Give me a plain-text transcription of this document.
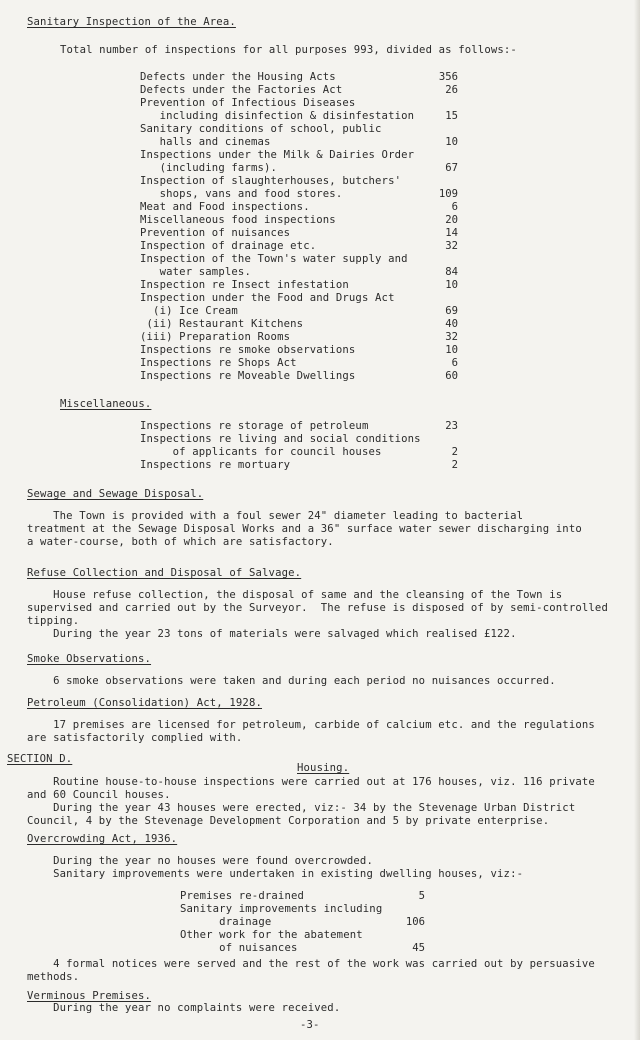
Sanitary Inspection of the Area.
Total number of inspections for all purposes 993, divided as follows:-
Defects under the Housing Acts	356
Defects under the Factories Act	26
Prevention of Infectious Diseases
including disinfection & disinfestation	15
Sanitary conditions of school, public
halls and cinemas	10
Inspections under the Milk & Dairies Order
(including farms).	67
Inspection of slaughterhouses, butchers'
shops, vans and food stores.	109
Meat and Food inspections.	6
Miscellaneous food inspections	20
Prevention of nuisances	14
Inspection of drainage etc.	32
Inspection of the Town's water supply and
water samples.	84
Inspection re Insect infestation	10
Inspection under the Food and Drugs Act
(i) Ice Cream	69
(ii) Restaurant Kitchens	40
(iii) Preparation Rooms	32
Inspections re smoke observations	10
Inspections re Shops Act	6
Inspections re Moveable Dwellings	60
Miscellaneous.
Inspections re storage of petroleum	23
Inspections re living and social conditions
of applicants for council houses	2
Inspections re mortuary	2
Sewage and Sewage Disposal.
The Town is provided with a foul sewer 24" diameter leading to bacterial
treatment at the Sewage Disposal Works and a 36" surface water sewer discharging into
a water-course, both of which are satisfactory.
Refuse Collection and Disposal of Salvage.
House refuse collection, the disposal of same and the cleansing of the Town is
supervised and carried out by the Surveyor.  The refuse is disposed of by semi-controlled
tipping.
During the year 23 tons of materials were salvaged which realised £122.
Smoke Observations.
6 smoke observations were taken and during each period no nuisances occurred.
Petroleum (Consolidation) Act, 1928.
17 premises are licensed for petroleum, carbide of calcium etc. and the regulations
are satisfactorily complied with.
SECTION D.
Housing.
Routine house-to-house inspections were carried out at 176 houses, viz. 116 private
and 60 Council houses.
During the year 43 houses were erected, viz:- 34 by the Stevenage Urban District
Council, 4 by the Stevenage Development Corporation and 5 by private enterprise.
Overcrowding Act, 1936.
During the year no houses were found overcrowded.
Sanitary improvements were undertaken in existing dwelling houses, viz:-
Premises re-drained	5
Sanitary improvements including
drainage	106
Other work for the abatement
of nuisances	45
4 formal notices were served and the rest of the work was carried out by persuasive
methods.
Verminous Premises.
During the year no complaints were received.
-3-
